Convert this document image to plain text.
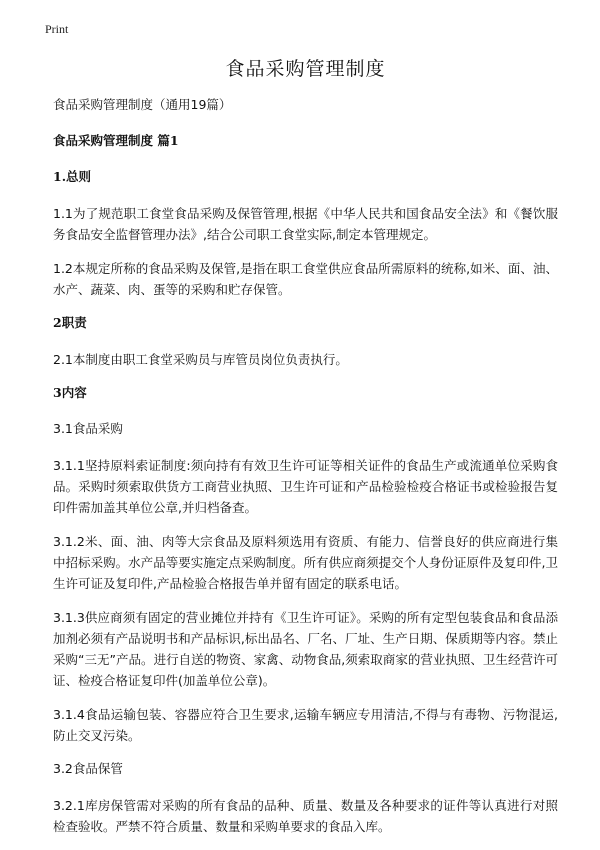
Print
食品采购管理制度
食品采购管理制度（通用19篇）
食品采购管理制度 篇1
1.总则
1.1为了规范职工食堂食品采购及保管管理,根据《中华人民共和国食品安全法》和《餐饮服务食品安全监督管理办法》,结合公司职工食堂实际,制定本管理规定。
1.2本规定所称的食品采购及保管,是指在职工食堂供应食品所需原料的统称,如米、面、油、水产、蔬菜、肉、蛋等的采购和贮存保管。
2职责
2.1本制度由职工食堂采购员与库管员岗位负责执行。
3内容
3.1食品采购
3.1.1坚持原料索证制度:须向持有有效卫生许可证等相关证件的食品生产或流通单位采购食品。采购时须索取供货方工商营业执照、卫生许可证和产品检验检疫合格证书或检验报告复印件需加盖其单位公章,并归档备查。
3.1.2米、面、油、肉等大宗食品及原料须选用有资质、有能力、信誉良好的供应商进行集中招标采购。水产品等要实施定点采购制度。所有供应商须提交个人身份证原件及复印件,卫生许可证及复印件,产品检验合格报告单并留有固定的联系电话。
3.1.3供应商须有固定的营业摊位并持有《卫生许可证》。采购的所有定型包装食品和食品添加剂必须有产品说明书和产品标识,标出品名、厂名、厂址、生产日期、保质期等内容。禁止采购“三无”产品。进行自送的物资、家禽、动物食品,须索取商家的营业执照、卫生经营许可证、检疫合格证复印件(加盖单位公章)。
3.1.4食品运输包装、容器应符合卫生要求,运输车辆应专用清洁,不得与有毒物、污物混运,防止交叉污染。
3.2食品保管
3.2.1库房保管需对采购的所有食品的品种、质量、数量及各种要求的证件等认真进行对照检查验收。严禁不符合质量、数量和采购单要求的食品入库。
